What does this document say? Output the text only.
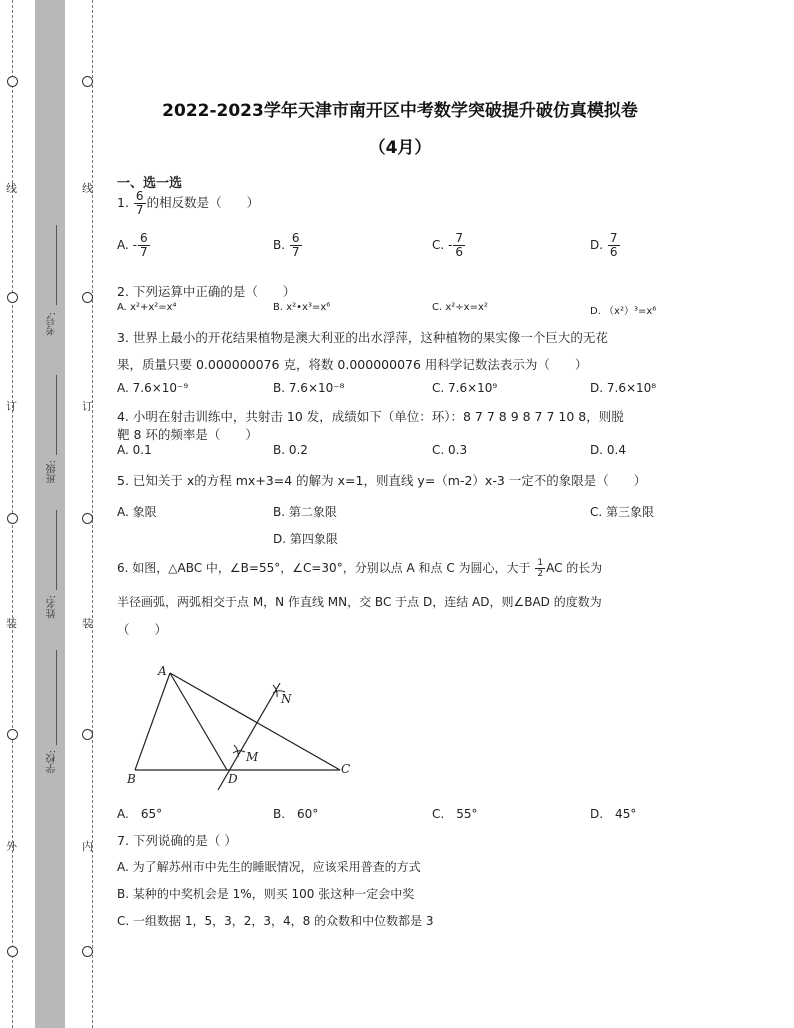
线
订
装
外
线
订
装
内
考号:
班级:
姓名:
学校:
2022-2023学年天津市南开区中考数学突破提升破仿真模拟卷
（4月）
一、选一选
1. $\frac{6}{7}$ 的相反数是（　　）
A. - $\frac{6}{7}$	B. $\frac{6}{7}$	C. - $\frac{7}{6}$	D. $\frac{7}{6}$
2. 下列运算中正确的是（　　）
A. x²+x²=x⁴	B. x²•x³=x⁶	C. x²÷x=x²	D. （x²）³=x⁶
3. 世界上最小的开花结果植物是澳大利亚的出水浮萍，这种植物的果实像一个巨大的无花
果，质量只要 0.000000076 克，将数 0.000000076 用科学记数法表示为（　　）
A. 7.6×10⁻⁹	B. 7.6×10⁻⁸	C. 7.6×10⁹	D. 7.6×10⁸
4. 小明在射击训练中，共射击 10 发，成绩如下（单位：环）：8 7 7 8 9 8 7 7 10 8，则脱
靶 8 环的频率是（　　）
A. 0.1	B. 0.2	C. 0.3	D. 0.4
5. 已知关于 x的方程 mx+3=4 的解为 x=1，则直线 y=（m-2）x-3 一定不的象限是（　　）
A. 象限	B. 第二象限	C. 第三象限
D. 第四象限
6. 如图，△ABC 中，∠B=55°，∠C=30°，分别以点 A 和点 C 为圆心，大于 $\frac{1}{2}$ AC 的长为
半径画弧，两弧相交于点 M，N 作直线 MN，交 BC 于点 D，连结 AD，则∠BAD 的度数为
（　　）
A
B
C
D
M
N
A.　65°	B.　60°	C.　55°	D.　45°
7. 下列说确的是（ ）
A. 为了解苏州市中先生的睡眠情况，应该采用普查的方式
B. 某种的中奖机会是 1%，则买 100 张这种一定会中奖
C. 一组数据 1，5，3，2，3，4，8 的众数和中位数都是 3
